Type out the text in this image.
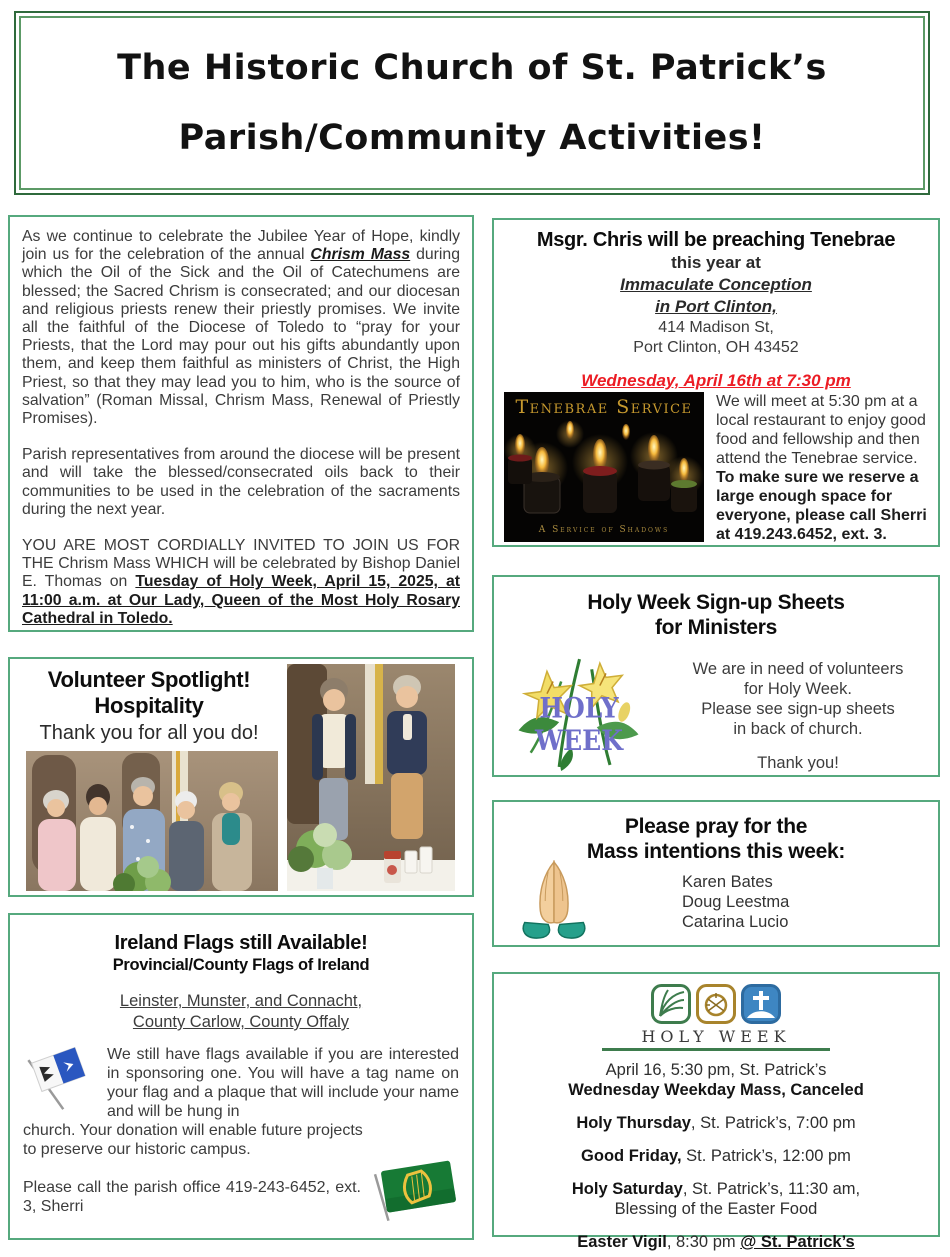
The Historic Church of St. Patrick’s
Parish/Community Activities!

As we continue to celebrate the Jubilee Year of Hope, kindly join us for the celebration of the annual Chrism Mass during which the Oil of the Sick and the Oil of Catechumens are blessed; the Sacred Chrism is consecrated; and our diocesan and religious priests renew their priestly promises. We invite all the faithful of the Diocese of Toledo to “pray for your Priests, that the Lord may pour out his gifts abundantly upon them, and keep them faithful as ministers of Christ, the High Priest, so that they may lead you to him, who is the source of salvation” (Roman Missal, Chrism Mass, Renewal of Priestly Promises).

Parish representatives from around the diocese will be present and will take the blessed/consecrated oils back to their communities to be used in the celebration of the sacraments during the next year.

YOU ARE MOST CORDIALLY INVITED TO JOIN US FOR THE Chrism Mass WHICH will be celebrated by Bishop Daniel E. Thomas on Tuesday of Holy Week, April 15, 2025, at 11:00 a.m. at Our Lady, Queen of the Most Holy Rosary Cathedral in Toledo.

Volunteer Spotlight!
Hospitality
Thank you for all you do!
Ireland Flags still Available!
Provincial/County Flags of Ireland
Leinster, Munster, and Connacht,
County Carlow, County Offaly
We still have flags available if you are interested in sponsoring one. You will have a tag name on your flag and a plaque that will include your name and will be hung in
church. Your donation will enable future projects to preserve our historic campus.
Please call the parish office 419-243-6452, ext. 3, Sherri
Msgr. Chris will be preaching Tenebrae
this year at
Immaculate Conception
in Port Clinton,
414 Madison St,
Port Clinton, OH 43452
Wednesday, April 16th at 7:30 pm
Tenebrae Service
A Service of Shadows
We will meet at 5:30 pm at a local restaurant to enjoy good food and fellowship and then attend the Tenebrae service. To make sure we reserve a large enough space for everyone, please call Sherri at 419.243.6452, ext. 3.
Holy Week Sign-up Sheets
for Ministers
HOLY WEEK
We are in need of volunteers
for Holy Week.
Please see sign-up sheets
in back of church.
Thank you!
Please pray for the
Mass intentions this week:
Karen Bates
Doug Leestma
Catarina Lucio
HOLY WEEK
April 16, 5:30 pm, St. Patrick’s
Wednesday Weekday Mass, Canceled
Holy Thursday, St. Patrick’s, 7:00 pm
Good Friday, St. Patrick’s, 12:00 pm
Holy Saturday, St. Patrick’s, 11:30 am,
Blessing of the Easter Food
Easter Vigil, 8:30 pm @ St. Patrick’s
